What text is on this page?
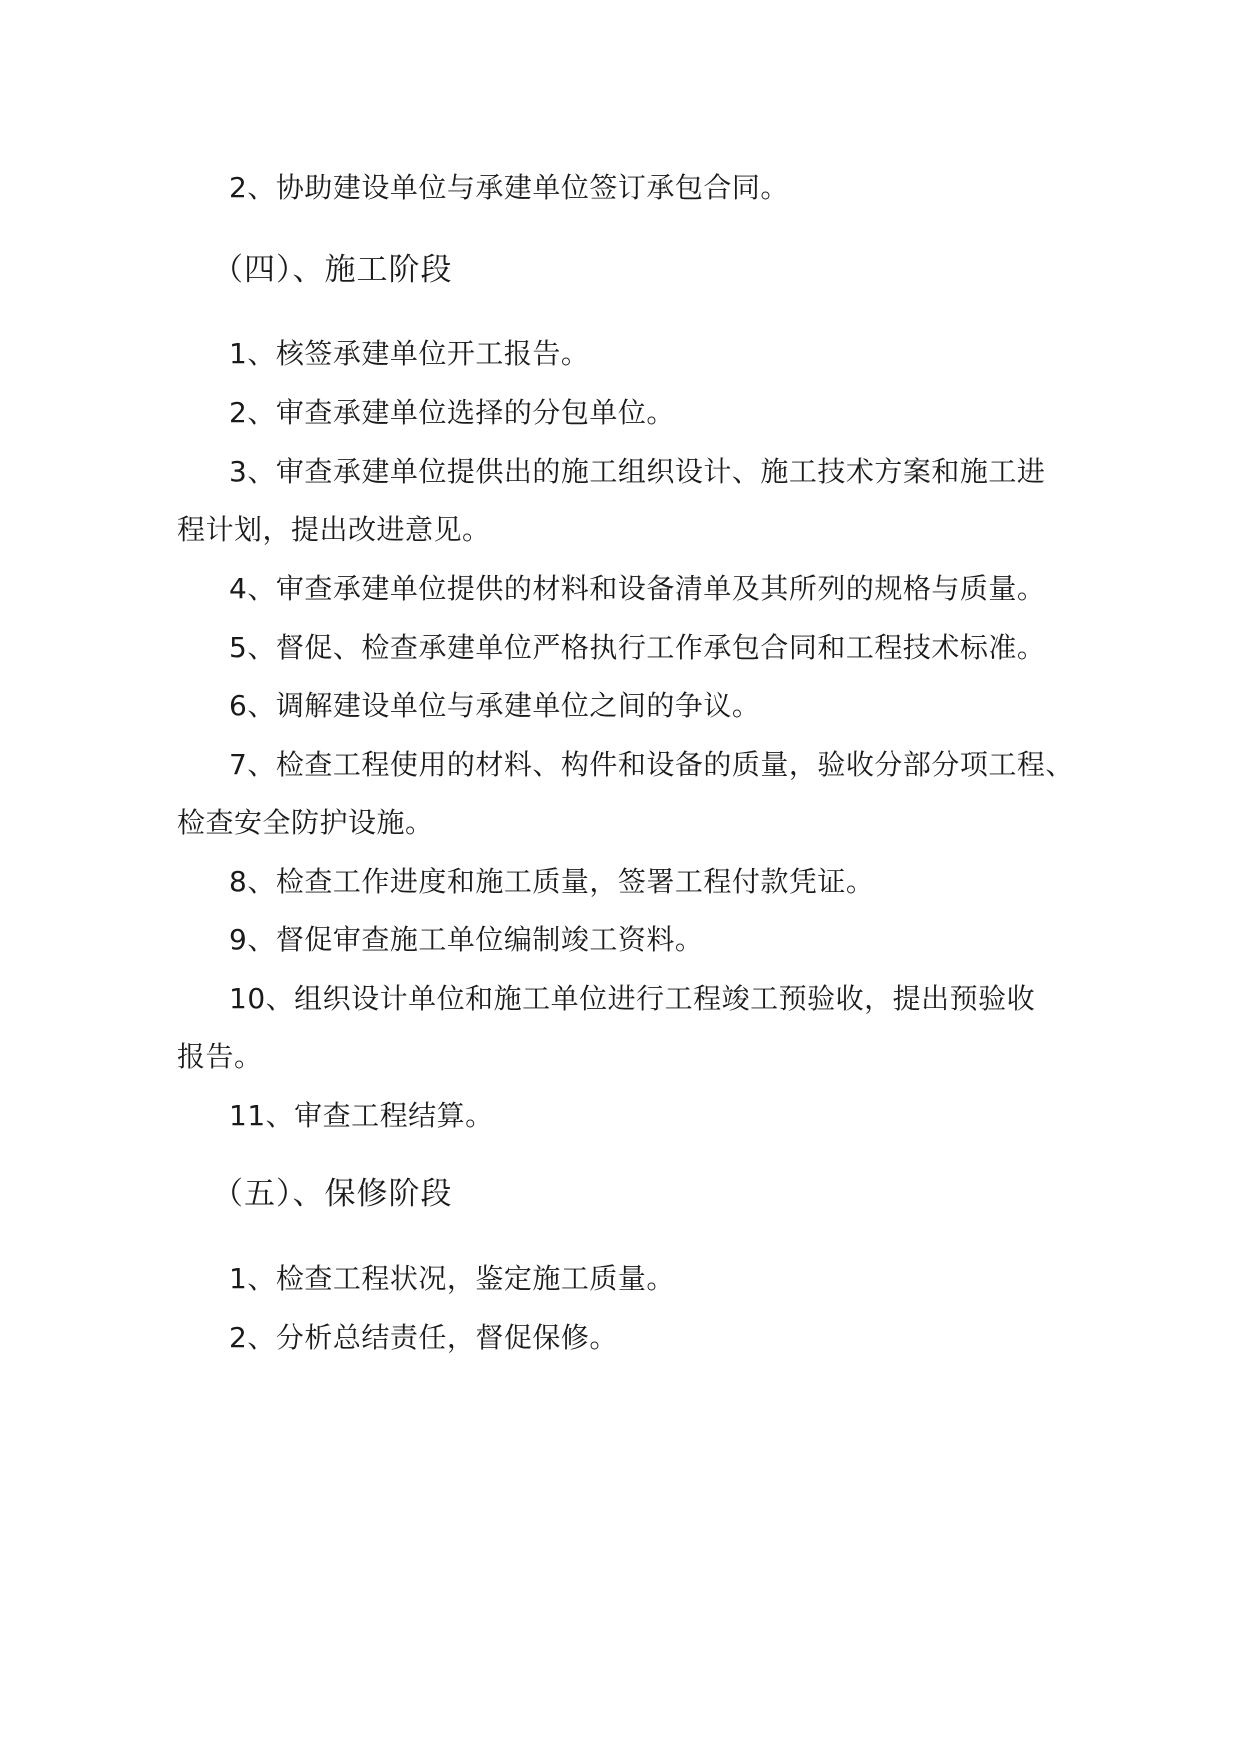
2、协助建设单位与承建单位签订承包合同。
（四）、施工阶段
1、核签承建单位开工报告。
2、审查承建单位选择的分包单位。
3、审查承建单位提供出的施工组织设计、施工技术方案和施工进
程计划，提出改进意见。
4、审查承建单位提供的材料和设备清单及其所列的规格与质量。
5、督促、检查承建单位严格执行工作承包合同和工程技术标准。
6、调解建设单位与承建单位之间的争议。
7、检查工程使用的材料、构件和设备的质量，验收分部分项工程、
检查安全防护设施。
8、检查工作进度和施工质量，签署工程付款凭证。
9、督促审查施工单位编制竣工资料。
10、组织设计单位和施工单位进行工程竣工预验收，提出预验收
报告。
11、审查工程结算。
（五）、保修阶段
1、检查工程状况，鉴定施工质量。
2、分析总结责任，督促保修。
